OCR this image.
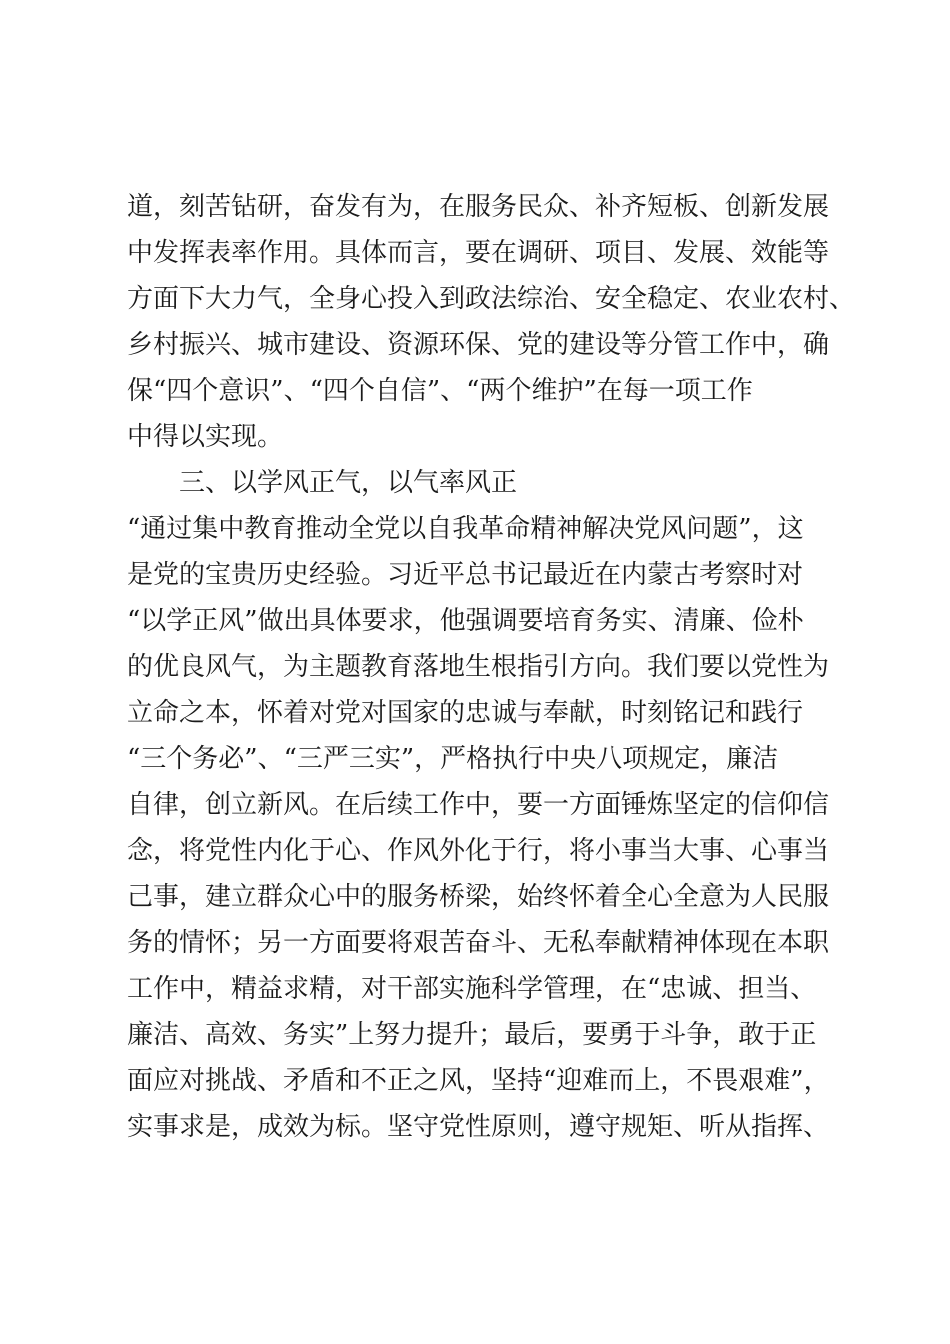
道，刻苦钻研，奋发有为，在服务民众、补齐短板、创新发展
中发挥表率作用。具体而言，要在调研、项目、发展、效能等
方面下大力气，全身心投入到政法综治、安全稳定、农业农村、
乡村振兴、城市建设、资源环保、党的建设等分管工作中，确
保“四个意识”、“四个自信”、“两个维护”在每一项工作
中得以实现。
三、以学风正气，以气率风正
“通过集中教育推动全党以自我革命精神解决党风问题”，这
是党的宝贵历史经验。习近平总书记最近在内蒙古考察时对
“以学正风”做出具体要求，他强调要培育务实、清廉、俭朴
的优良风气，为主题教育落地生根指引方向。我们要以党性为
立命之本，怀着对党对国家的忠诚与奉献，时刻铭记和践行
“三个务必”、“三严三实”，严格执行中央八项规定，廉洁
自律，创立新风。在后续工作中，要一方面锤炼坚定的信仰信
念，将党性内化于心、作风外化于行，将小事当大事、心事当
己事，建立群众心中的服务桥梁，始终怀着全心全意为人民服
务的情怀；另一方面要将艰苦奋斗、无私奉献精神体现在本职
工作中，精益求精，对干部实施科学管理，在“忠诚、担当、
廉洁、高效、务实”上努力提升；最后，要勇于斗争，敢于正
面应对挑战、矛盾和不正之风，坚持“迎难而上，不畏艰难”，
实事求是，成效为标。坚守党性原则，遵守规矩、听从指挥、
